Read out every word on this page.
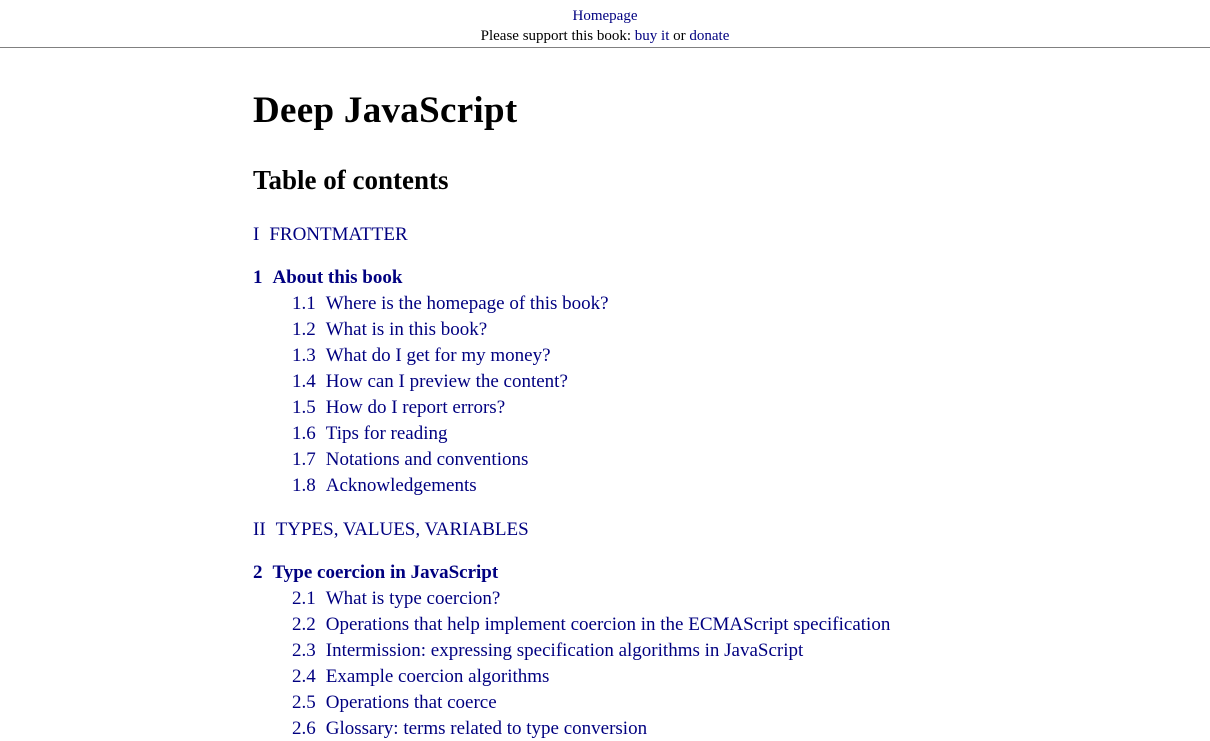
Homepage
Please support this book: buy it or donate
Deep JavaScript
Table of contents
I FRONTMATTER
1 About this book
1.1 Where is the homepage of this book?
1.2 What is in this book?
1.3 What do I get for my money?
1.4 How can I preview the content?
1.5 How do I report errors?
1.6 Tips for reading
1.7 Notations and conventions
1.8 Acknowledgements
II TYPES, VALUES, VARIABLES
2 Type coercion in JavaScript
2.1 What is type coercion?
2.2 Operations that help implement coercion in the ECMAScript specification
2.3 Intermission: expressing specification algorithms in JavaScript
2.4 Example coercion algorithms
2.5 Operations that coerce
2.6 Glossary: terms related to type conversion
